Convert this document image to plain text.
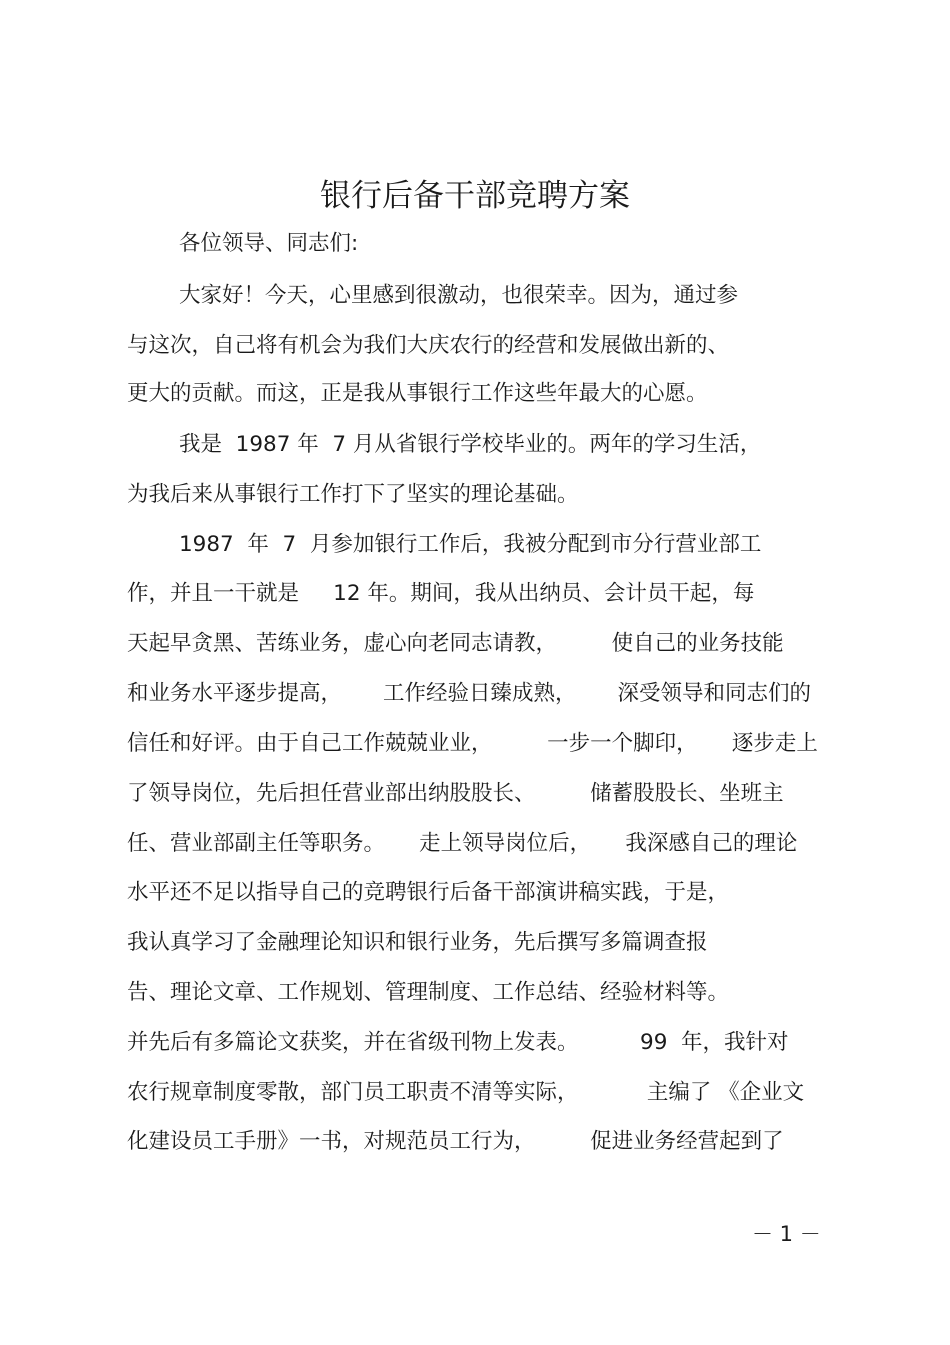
银行后备干部竞聘方案
各位领导、同志们:
大家好！今天，心里感到很激动，也很荣幸。因为，通过参
与这次，自己将有机会为我们大庆农行的经营和发展做出新的、
更大的贡献。而这，正是我从事银行工作这些年最大的心愿。
我是  1987 年  7 月从省银行学校毕业的。两年的学习生活，
为我后来从事银行工作打下了坚实的理论基础。
1987  年  7  月参加银行工作后，我被分配到市分行营业部工
作，并且一干就是     12 年。期间，我从出纳员、会计员干起，每
天起早贪黑、苦练业务，虚心向老同志请教，        使自己的业务技能
和业务水平逐步提高，      工作经验日臻成熟，      深受领导和同志们的
信任和好评。由于自己工作兢兢业业，        一步一个脚印，     逐步走上
了领导岗位，先后担任营业部出纳股股长、        储蓄股股长、坐班主
任、营业部副主任等职务。     走上领导岗位后，     我深感自己的理论
水平还不足以指导自己的竞聘银行后备干部演讲稿实践，于是，
我认真学习了金融理论知识和银行业务，先后撰写多篇调查报
告、理论文章、工作规划、管理制度、工作总结、经验材料等。
并先后有多篇论文获奖，并在省级刊物上发表。         99  年，我针对
农行规章制度零散，部门员工职责不清等实际，          主编了 《企业文
化建设员工手册》一书，对规范员工行为，        促进业务经营起到了
－ 1 －
